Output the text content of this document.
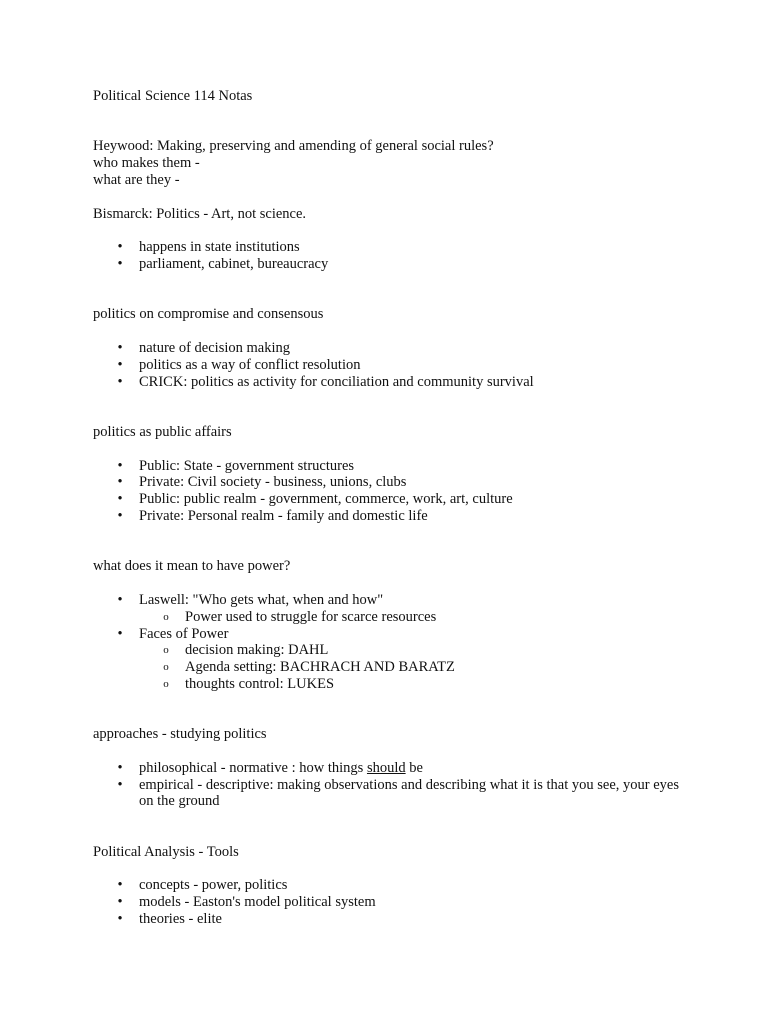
Political Science 114 Notas

Heywood: Making, preserving and amending of general social rules?

who makes them -

what are they -

Bismarck: Politics - Art, not science.

• happens in state institutions
• parliament, cabinet, bureaucracy

politics on compromise and consensous

• nature of decision making
• politics as a way of conflict resolution
• CRICK: politics as activity for conciliation and community survival

politics as public affairs

• Public: State - government structures
• Private: Civil society - business, unions, clubs
• Public: public realm - government, commerce, work, art, culture
• Private: Personal realm - family and domestic life

what does it mean to have power?

• Laswell: "Who gets what, when and how"
o Power used to struggle for scarce resources
• Faces of Power
o decision making: DAHL
o Agenda setting: BACHRACH AND BARATZ
o thoughts control: LUKES

approaches - studying politics

• philosophical - normative : how things should be
• empirical - descriptive: making observations and describing what it is that you see, your eyes on the ground

Political Analysis - Tools

• concepts - power, politics
• models - Easton's model political system
• theories - elite
